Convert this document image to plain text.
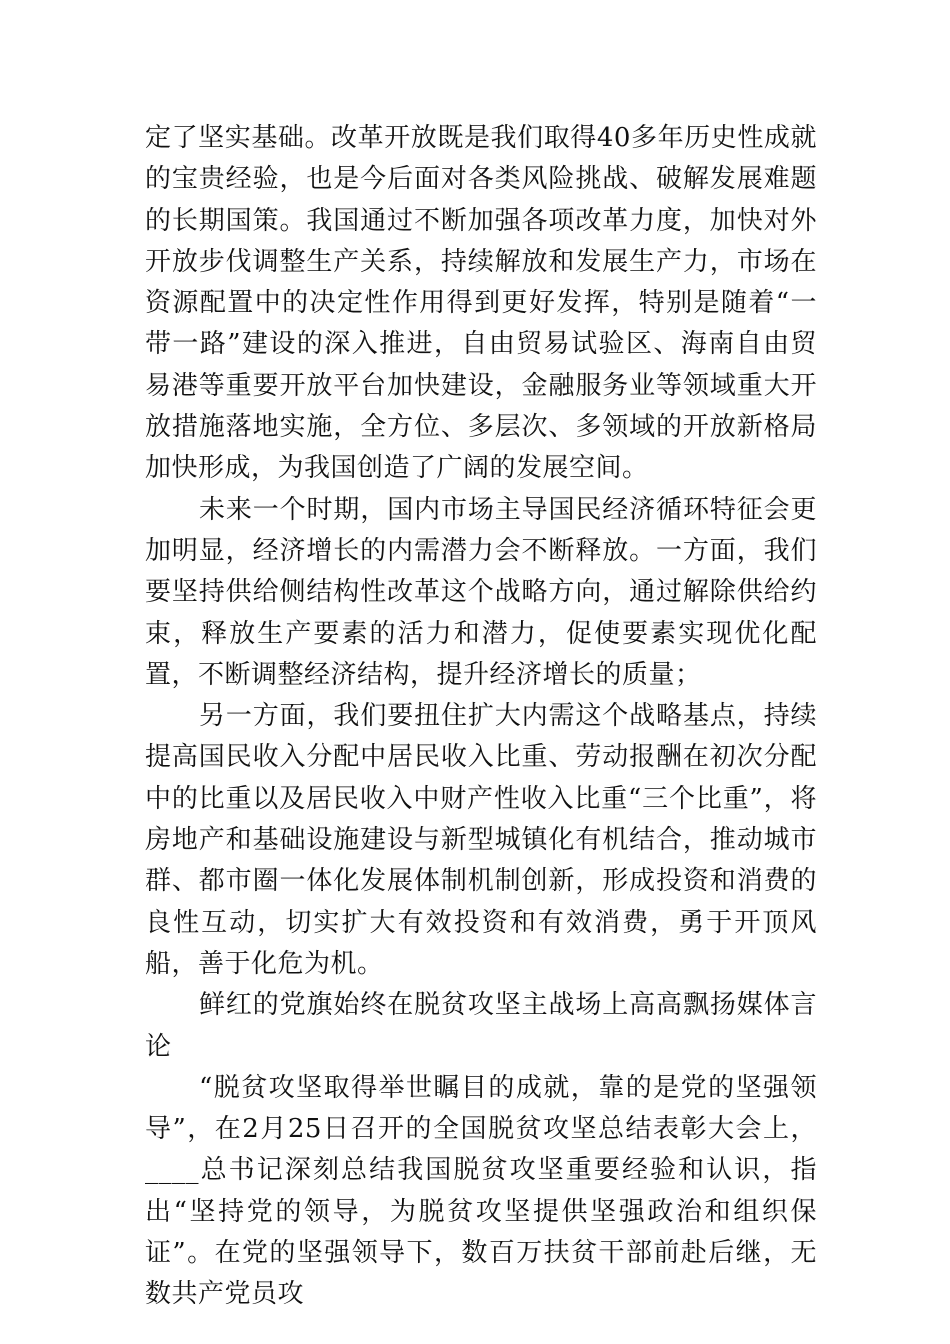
定了坚实基础。改革开放既是我们取得40多年历史性成就的宝贵经验，也是今后面对各类风险挑战、破解发展难题的长期国策。我国通过不断加强各项改革力度，加快对外开放步伐调整生产关系，持续解放和发展生产力，市场在资源配置中的决定性作用得到更好发挥，特别是随着“一带一路”建设的深入推进，自由贸易试验区、海南自由贸易港等重要开放平台加快建设，金融服务业等领域重大开放措施落地实施，全方位、多层次、多领域的开放新格局加快形成，为我国创造了广阔的发展空间。

未来一个时期，国内市场主导国民经济循环特征会更加明显，经济增长的内需潜力会不断释放。一方面，我们要坚持供给侧结构性改革这个战略方向，通过解除供给约束，释放生产要素的活力和潜力，促使要素实现优化配置，不断调整经济结构，提升经济增长的质量；

另一方面，我们要扭住扩大内需这个战略基点，持续提高国民收入分配中居民收入比重、劳动报酬在初次分配中的比重以及居民收入中财产性收入比重“三个比重”，将房地产和基础设施建设与新型城镇化有机结合，推动城市群、都市圈一体化发展体制机制创新，形成投资和消费的良性互动，切实扩大有效投资和有效消费，勇于开顶风船，善于化危为机。

鲜红的党旗始终在脱贫攻坚主战场上高高飘扬媒体言论

“脱贫攻坚取得举世瞩目的成就，靠的是党的坚强领导”，在2月25日召开的全国脱贫攻坚总结表彰大会上，____总书记深刻总结我国脱贫攻坚重要经验和认识，指出“坚持党的领导，为脱贫攻坚提供坚强政治和组织保证”。在党的坚强领导下，数百万扶贫干部前赴后继，无数共产党员攻
